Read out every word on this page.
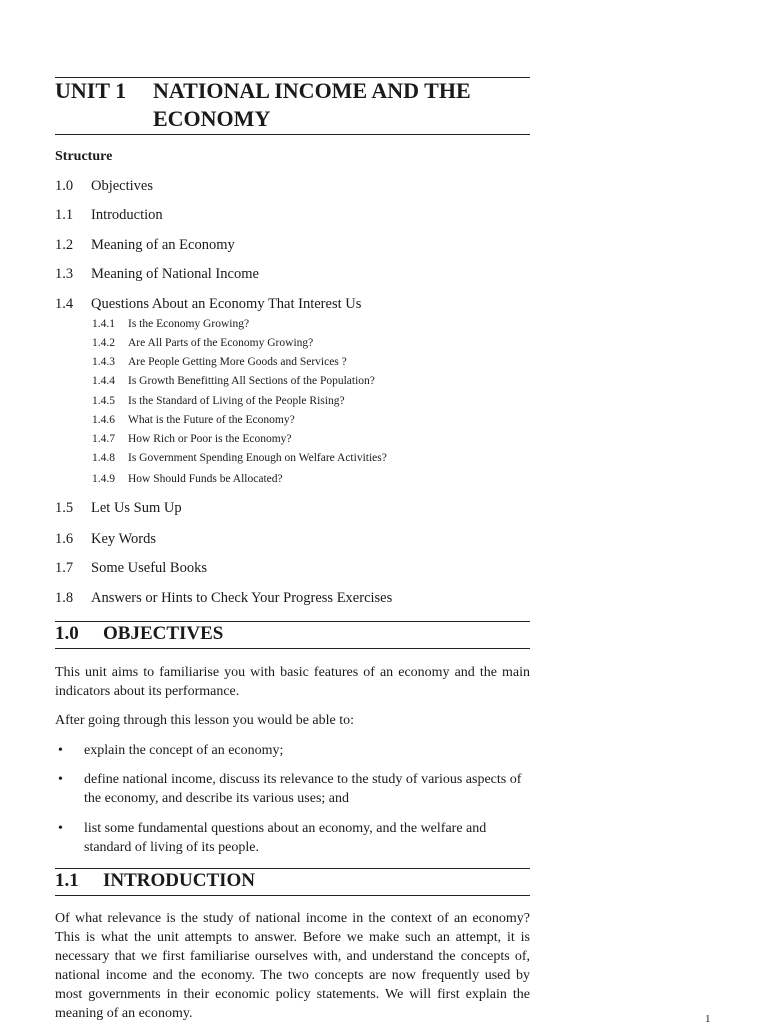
UNIT 1 NATIONAL INCOME AND THE ECONOMY
Structure
1.0 Objectives
1.1 Introduction
1.2 Meaning of an Economy
1.3 Meaning of National Income
1.4 Questions About an Economy That Interest Us
1.4.1 Is the Economy Growing?
1.4.2 Are All Parts of the Economy Growing?
1.4.3 Are People Getting More Goods and Services ?
1.4.4 Is Growth Benefitting All Sections of the Population?
1.4.5 Is the Standard of Living of the People Rising?
1.4.6 What is the Future of the Economy?
1.4.7 How Rich or Poor is the Economy?
1.4.8 Is Government Spending Enough on Welfare Activities?
1.4.9 How Should Funds be Allocated?
1.5 Let Us Sum Up
1.6 Key Words
1.7 Some Useful Books
1.8 Answers or Hints to Check Your Progress Exercises
1.0 OBJECTIVES
This unit aims to familiarise you with basic features of an economy and the main indicators about its performance.
After going through this lesson you would be able to:
• explain the concept of an economy;
• define national income, discuss its relevance to the study of various aspects of the economy, and describe its various uses; and
• list some fundamental questions about an economy, and the welfare and standard of living of its people.
1.1 INTRODUCTION
Of what relevance is the study of national income in the context of an economy? This is what the unit attempts to answer. Before we make such an attempt, it is necessary that we first familiarise ourselves with, and understand the concepts of, national income and the economy. The two concepts are now frequently used by most governments in their economic policy statements. We will first explain the meaning of an economy.	1
